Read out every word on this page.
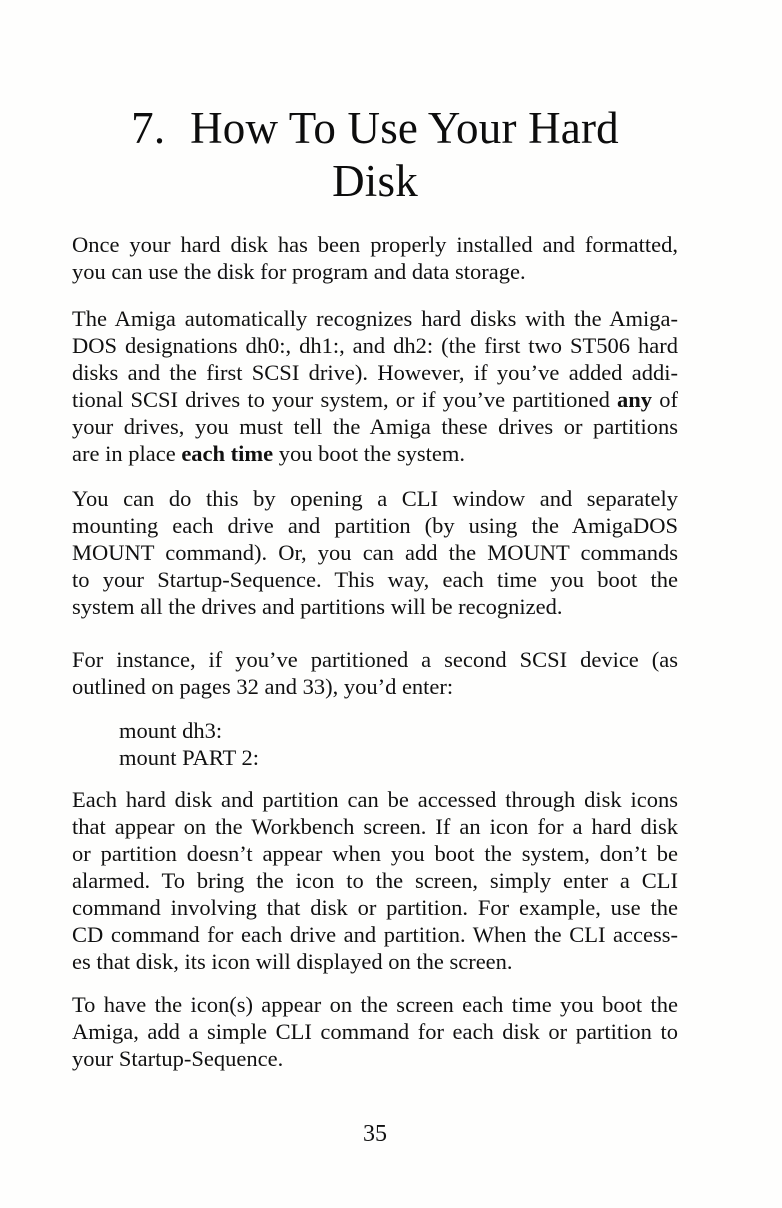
7. How To Use Your Hard
Disk
Once your hard disk has been properly installed and formatted,
you can use the disk for program and data storage.
The Amiga automatically recognizes hard disks with the Amiga-
DOS designations dh0:, dh1:, and dh2: (the first two ST506 hard
disks and the first SCSI drive). However, if you’ve added addi-
tional SCSI drives to your system, or if you’ve partitioned any of
your drives, you must tell the Amiga these drives or partitions
are in place each time you boot the system.
You can do this by opening a CLI window and separately
mounting each drive and partition (by using the AmigaDOS
MOUNT command). Or, you can add the MOUNT commands
to your Startup-Sequence. This way, each time you boot the
system all the drives and partitions will be recognized.
For instance, if you’ve partitioned a second SCSI device (as
outlined on pages 32 and 33), you’d enter:
mount dh3:
mount PART 2:
Each hard disk and partition can be accessed through disk icons
that appear on the Workbench screen. If an icon for a hard disk
or partition doesn’t appear when you boot the system, don’t be
alarmed. To bring the icon to the screen, simply enter a CLI
command involving that disk or partition. For example, use the
CD command for each drive and partition. When the CLI access-
es that disk, its icon will displayed on the screen.
To have the icon(s) appear on the screen each time you boot the
Amiga, add a simple CLI command for each disk or partition to
your Startup-Sequence.
35
